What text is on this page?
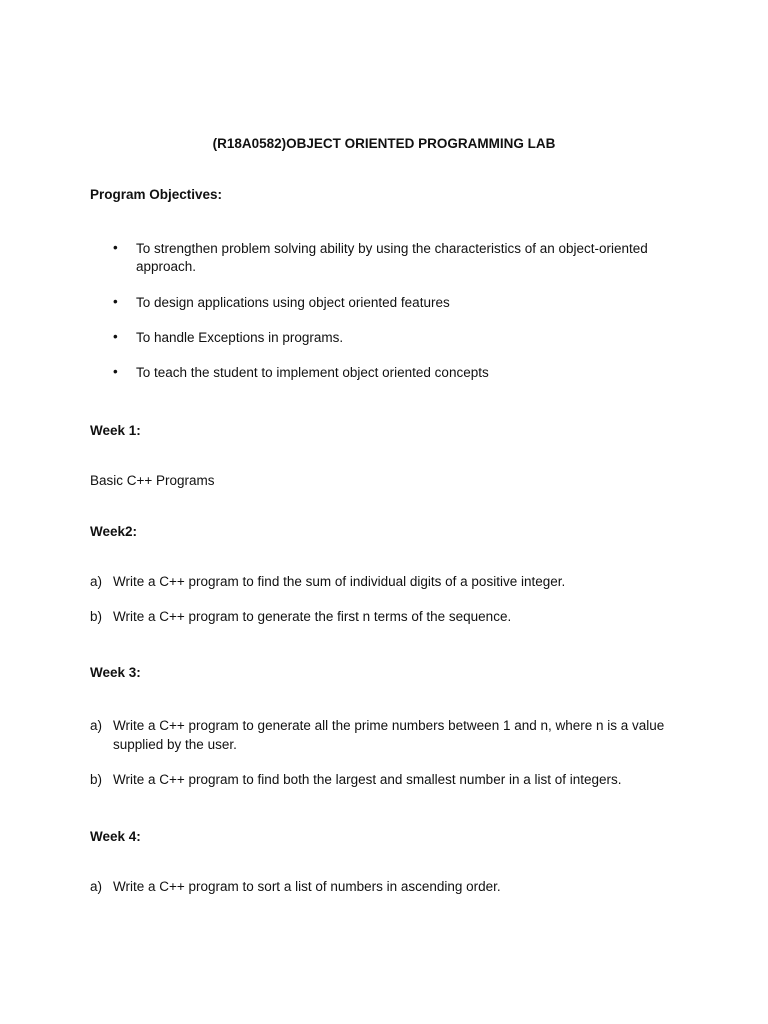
(R18A0582)OBJECT ORIENTED PROGRAMMING LAB
Program Objectives:
• To strengthen problem solving ability by using the characteristics of an object-oriented
approach.
• To design applications using object oriented features
• To handle Exceptions in programs.
• To teach the student to implement object oriented concepts
Week 1:
Basic C++ Programs
Week2:
a) Write a C++ program to find the sum of individual digits of a positive integer.
b) Write a C++ program to generate the first n terms of the sequence.
Week 3:
a) Write a C++ program to generate all the prime numbers between 1 and n, where n is a value
supplied by the user.
b) Write a C++ program to find both the largest and smallest number in a list of integers.
Week 4:
a) Write a C++ program to sort a list of numbers in ascending order.
